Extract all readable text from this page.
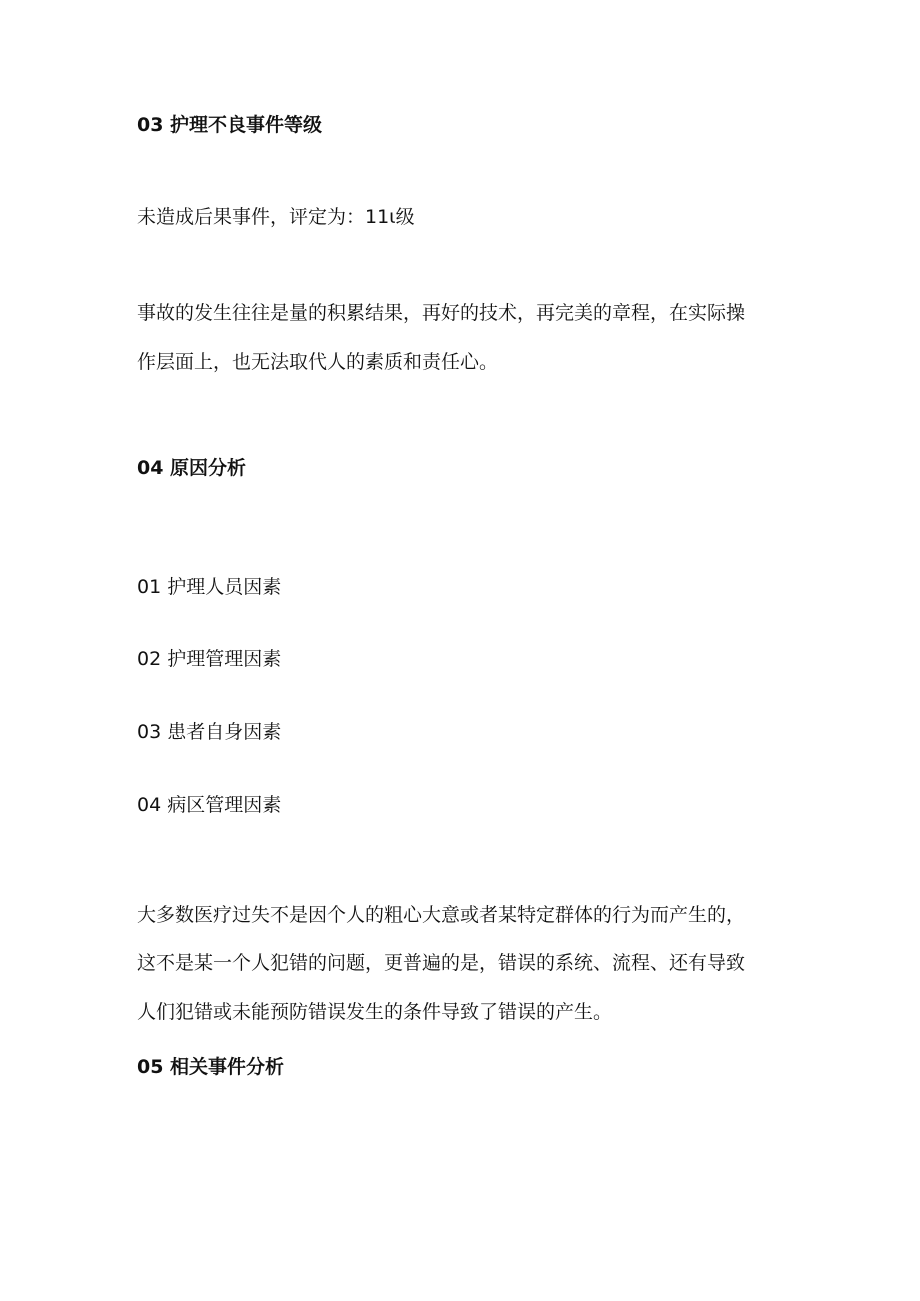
03 护理不良事件等级
未造成后果事件，评定为：11ι级
事故的发生往往是量的积累结果，再好的技术，再完美的章程，在实际操
作层面上，也无法取代人的素质和责任心。
04 原因分析
01 护理人员因素
02 护理管理因素
03 患者自身因素
04 病区管理因素
大多数医疗过失不是因个人的粗心大意或者某特定群体的行为而产生的，
这不是某一个人犯错的问题，更普遍的是，错误的系统、流程、还有导致
人们犯错或未能预防错误发生的条件导致了错误的产生。
05 相关事件分析
